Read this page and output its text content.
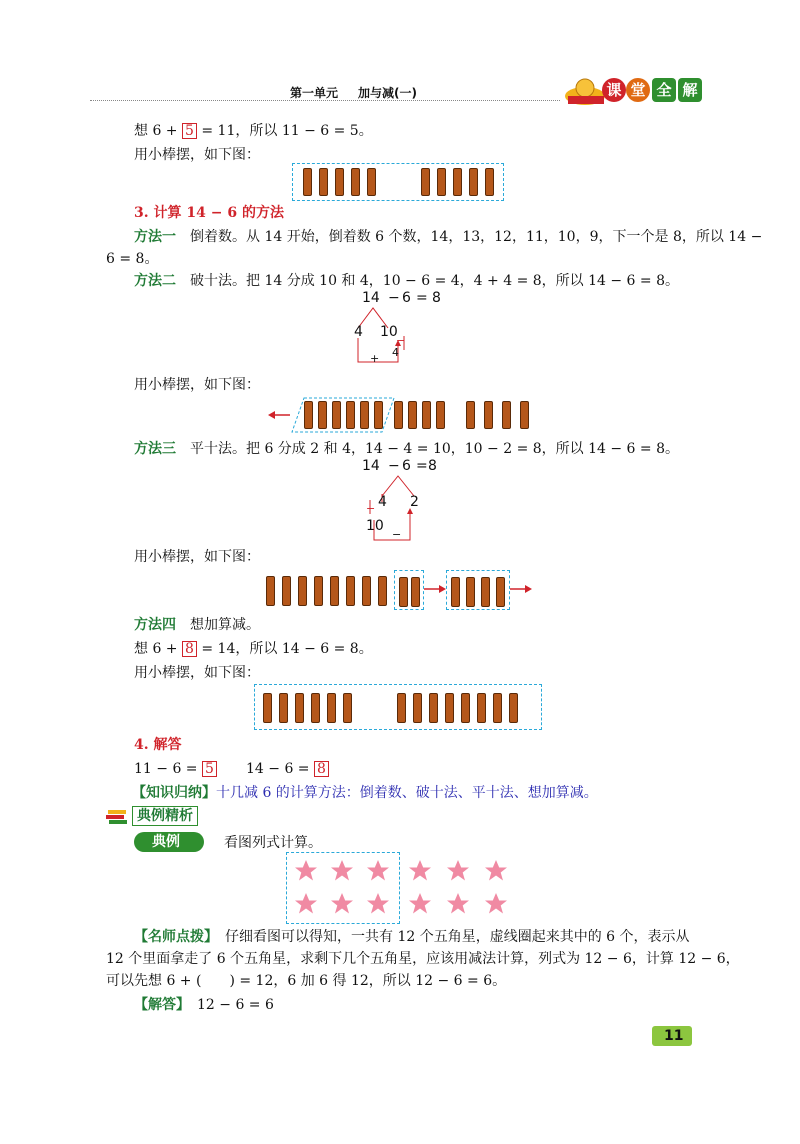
第一单元 加与减(一)	课 堂 全 解
想 6 + 5 = 11，所以 11 − 6 = 5。
用小棒摆，如下图：
3. 计算 14 − 6 的方法
方法一　 倒着数。从 14 开始，倒着数 6 个数，14，13，12，11，10，9，下一个是 8，所以 14 −
6 = 8。
方法二　 破十法。把 14 分成 10 和 4，10 − 6 = 4，4 + 4 = 8，所以 14 − 6 = 8。
14 − 6 = 8
4 10
−
4
+
用小棒摆，如下图：
方法三　 平十法。把 6 分成 2 和 4，14 − 4 = 10，10 − 2 = 8，所以 14 − 6 = 8。
14 − 6 = 8
4 2
−
10
−
用小棒摆，如下图：
方法四　 想加算减。
想 6 + 8 = 14，所以 14 − 6 = 8。
用小棒摆，如下图：
4. 解答
11 − 6 = 5 14 − 6 = 8
【知识归纳】十几减 6 的计算方法：倒着数、破十法、平十法、想加算减。
典例精析
典例	看图列式计算。
【名师点拨】　 仔细看图可以得知，一共有 12 个五角星，虚线圈起来其中的 6 个，表示从
12 个里面拿走了 6 个五角星，求剩下几个五角星，应该用减法计算，列式为 12 − 6，计算 12 − 6，
可以先想 6 + (　　) = 12，6 加 6 得 12，所以 12 − 6 = 6。
【解答】　 12 − 6 = 6
11
